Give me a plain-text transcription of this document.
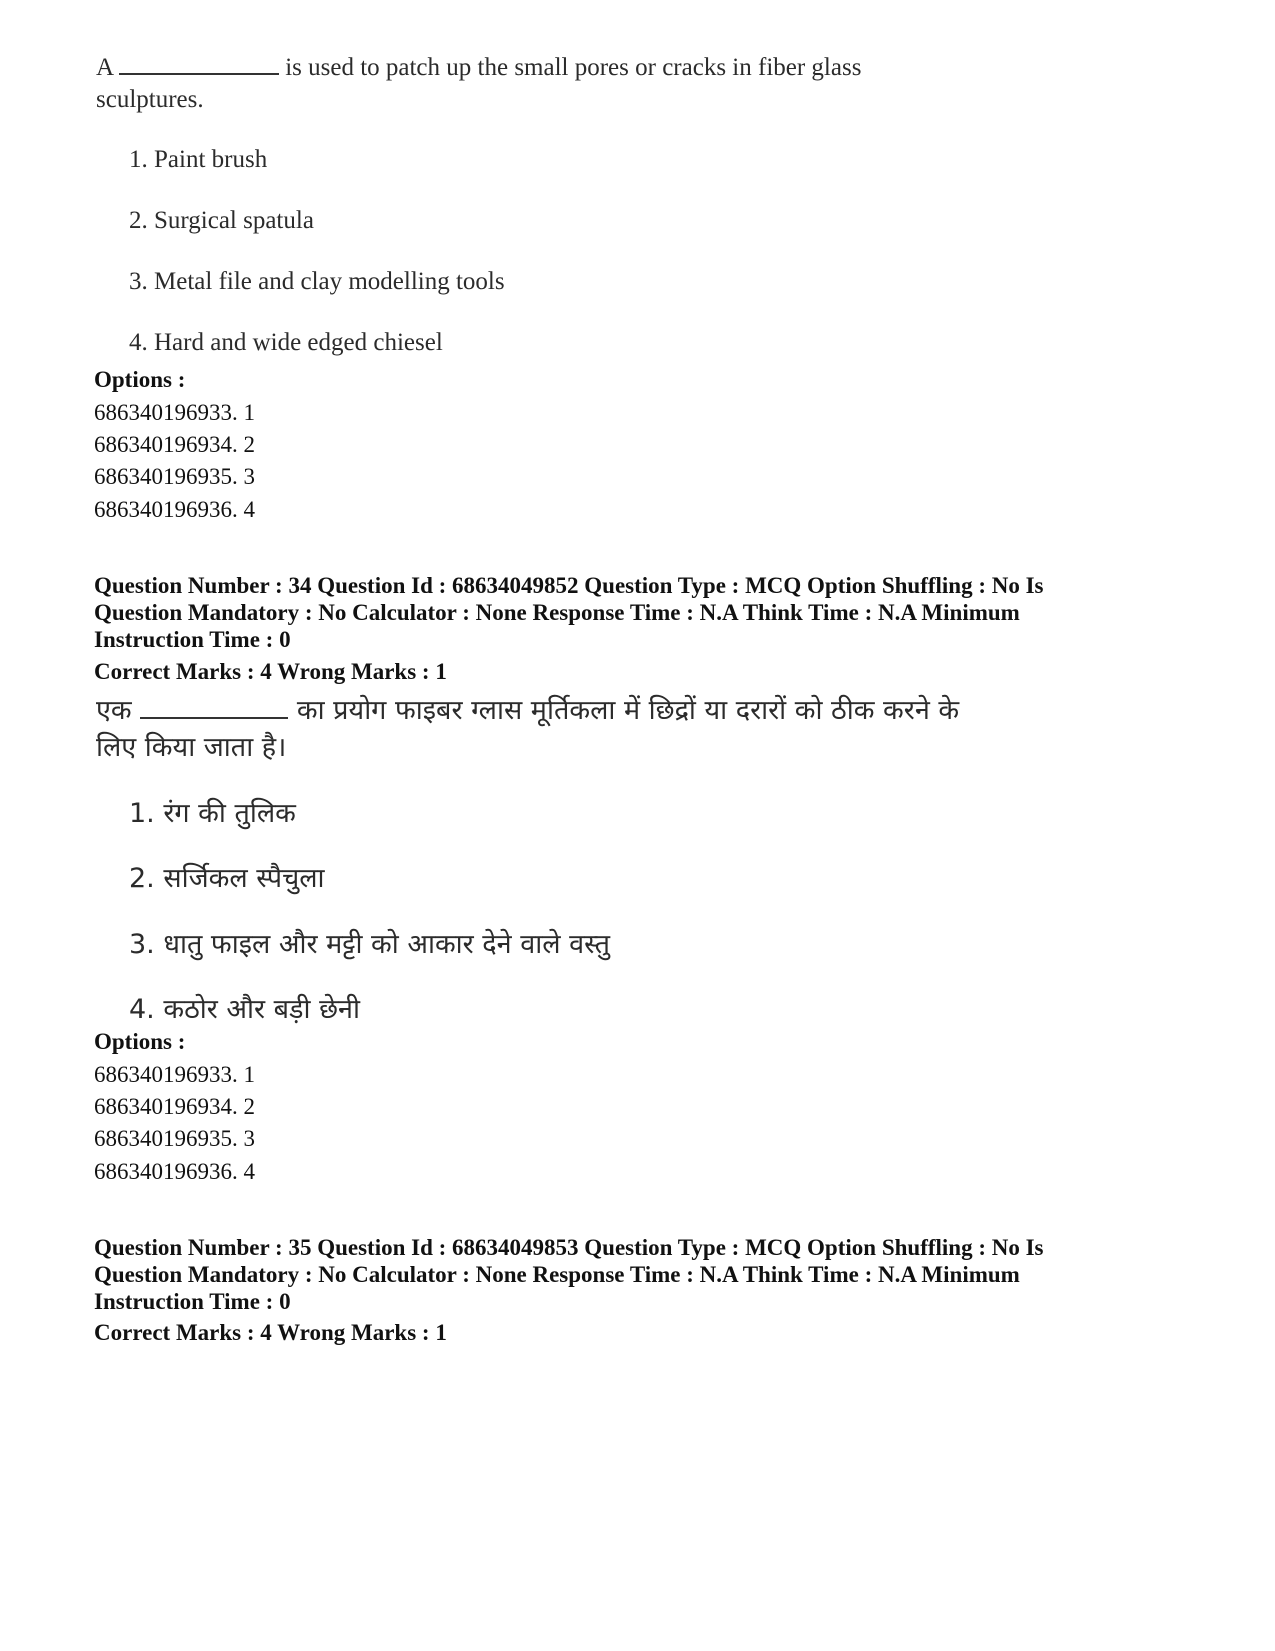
A	is used to patch up the small pores or cracks in fiber glass
sculptures.
1. Paint brush
2. Surgical spatula
3. Metal file and clay modelling tools
4. Hard and wide edged chiesel
Options :
686340196933. 1
686340196934. 2
686340196935. 3
686340196936. 4
Question Number : 34 Question Id : 68634049852 Question Type : MCQ Option Shuffling : No Is
Question Mandatory : No Calculator : None Response Time : N.A Think Time : N.A Minimum
Instruction Time : 0
Correct Marks : 4 Wrong Marks : 1
एक	का प्रयोग फाइबर ग्लास मूर्तिकला में छिद्रों या दरारों को ठीक करने के
लिए किया जाता है।
1. रंग की तुलिक
2. सर्जिकल स्पैचुला
3. धातु फाइल और मट्टी को आकार देने वाले वस्तु
4. कठोर और बड़ी छेनी
Options :
686340196933. 1
686340196934. 2
686340196935. 3
686340196936. 4
Question Number : 35 Question Id : 68634049853 Question Type : MCQ Option Shuffling : No Is
Question Mandatory : No Calculator : None Response Time : N.A Think Time : N.A Minimum
Instruction Time : 0
Correct Marks : 4 Wrong Marks : 1
